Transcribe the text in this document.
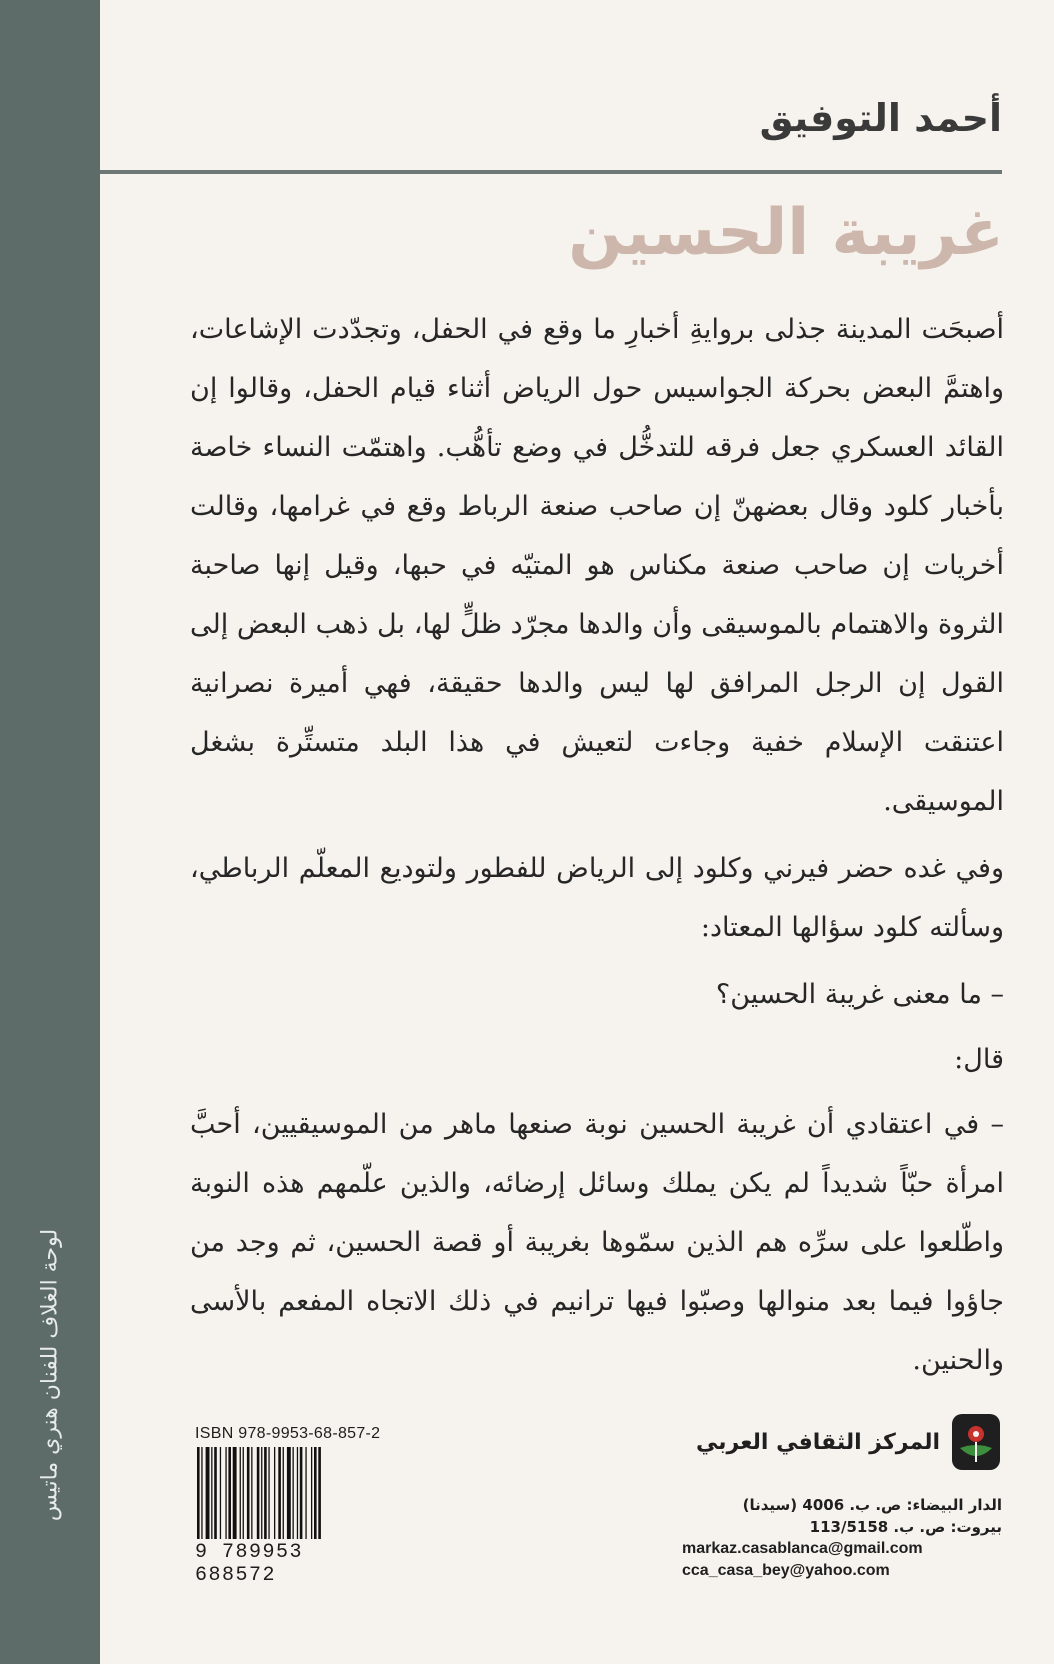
لوحة الغلاف للفنان هنري ماتيس
أحمد التوفيق
غريبة الحسين

أصبحَت المدينة جذلى بروايةِ أخبارِ ما وقع في الحفل، وتجدّدت الإشاعات، واهتمَّ البعض بحركة الجواسيس حول الرياض أثناء قيام الحفل، وقالوا إن القائد العسكري جعل فرقه للتدخُّل في وضع تأهُّب. واهتمّت النساء خاصة بأخبار كلود وقال بعضهنّ إن صاحب صنعة الرباط وقع في غرامها، وقالت أخريات إن صاحب صنعة مكناس هو المتيّه في حبها، وقيل إنها صاحبة الثروة والاهتمام بالموسيقى وأن والدها مجرّد ظلٍّ لها، بل ذهب البعض إلى القول إن الرجل المرافق لها ليس والدها حقيقة، فهي أميرة نصرانية اعتنقت الإسلام خفية وجاءت لتعيش في هذا البلد متستِّرة بشغل الموسيقى.

وفي غده حضر فيرني وكلود إلى الرياض للفطور ولتوديع المعلّم الرباطي، وسألته كلود سؤالها المعتاد:

– ما معنى غريبة الحسين؟

قال:

– في اعتقادي أن غريبة الحسين نوبة صنعها ماهر من الموسيقيين، أحبَّ امرأة حبّاً شديداً لم يكن يملك وسائل إرضائه، والذين علّمهم هذه النوبة واطّلعوا على سرِّه هم الذين سمّوها بغريبة أو قصة الحسين، ثم وجد من جاؤوا فيما بعد منوالها وصبّوا فيها ترانيم في ذلك الاتجاه المفعم بالأسى والحنين.

ISBN 978-9953-68-857-2
9 789953 688572
المركز الثقافي العربي
الدار البيضاء: ص. ب. 4006 (سيدنا)
بيروت: ص. ب. 113/5158
markaz.casablanca@gmail.com
cca_casa_bey@yahoo.com
